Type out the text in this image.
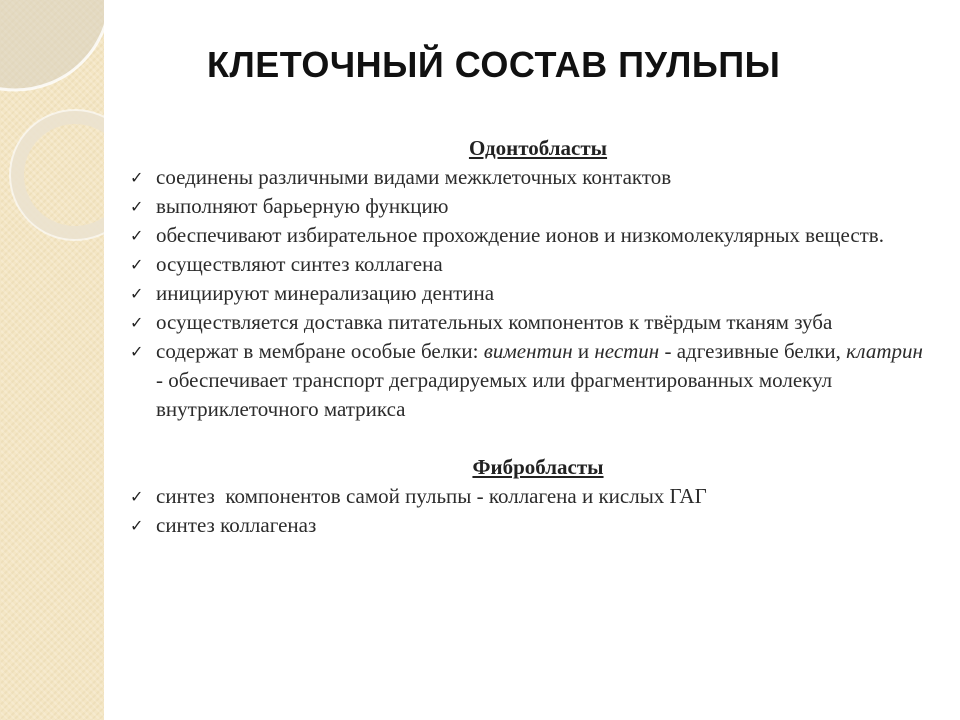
КЛЕТОЧНЫЙ СОСТАВ ПУЛЬПЫ
Одонтобласты
✓ соединены различными видами межклеточных контактов
✓ выполняют барьерную функцию
✓ обеспечивают избирательное прохождение ионов и низкомолекулярных веществ.
✓ осуществляют синтез коллагена
✓ инициируют минерализацию дентина
✓ осуществляется доставка питательных компонентов к твёрдым тканям зуба
✓ содержат в мембране особые белки: виментин и нестин - адгезивные белки, клатрин - обеспечивает транспорт деградируемых или фрагментированных молекул внутриклеточного матрикса
Фибробласты
✓ синтез  компонентов самой пульпы - коллагена и кислых ГАГ
✓ синтез коллагеназ
